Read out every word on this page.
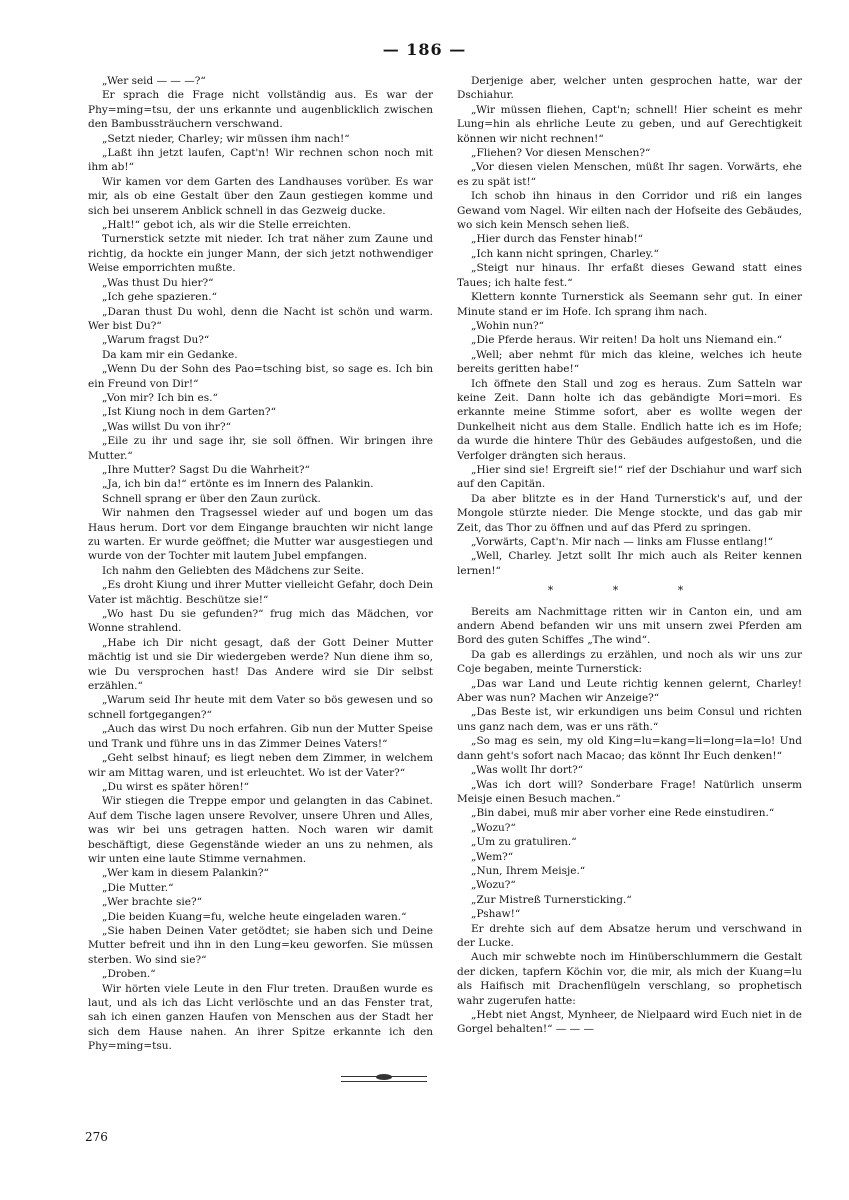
— 186 —

„Wer seid — — —?“

Er sprach die Frage nicht vollständig aus. Es war der Phy=ming=tsu, der uns erkannte und augenblicklich zwischen den Bambussträuchern verschwand.

„Setzt nieder, Charley; wir müssen ihm nach!“

„Laßt ihn jetzt laufen, Capt'n! Wir rechnen schon noch mit ihm ab!“

Wir kamen vor dem Garten des Landhauses vorüber. Es war mir, als ob eine Gestalt über den Zaun gestiegen komme und sich bei unserem Anblick schnell in das Gezweig ducke.

„Halt!“ gebot ich, als wir die Stelle erreichten.

Turnerstick setzte mit nieder. Ich trat näher zum Zaune und richtig, da hockte ein junger Mann, der sich jetzt nothwendiger Weise emporrichten mußte.

„Was thust Du hier?“

„Ich gehe spazieren.“

„Daran thust Du wohl, denn die Nacht ist schön und warm. Wer bist Du?“

„Warum fragst Du?“

Da kam mir ein Gedanke.

„Wenn Du der Sohn des Pao=tsching bist, so sage es. Ich bin ein Freund von Dir!“

„Von mir? Ich bin es.“

„Ist Kiung noch in dem Garten?“

„Was willst Du von ihr?“

„Eile zu ihr und sage ihr, sie soll öffnen. Wir bringen ihre Mutter.“

„Ihre Mutter? Sagst Du die Wahrheit?“

„Ja, ich bin da!“ ertönte es im Innern des Palankin.

Schnell sprang er über den Zaun zurück.

Wir nahmen den Tragsessel wieder auf und bogen um das Haus herum. Dort vor dem Eingange brauchten wir nicht lange zu warten. Er wurde geöffnet; die Mutter war ausgestiegen und wurde von der Tochter mit lautem Jubel empfangen.

Ich nahm den Geliebten des Mädchens zur Seite.

„Es droht Kiung und ihrer Mutter vielleicht Gefahr, doch Dein Vater ist mächtig. Beschütze sie!“

„Wo hast Du sie gefunden?“ frug mich das Mädchen, vor Wonne strahlend.

„Habe ich Dir nicht gesagt, daß der Gott Deiner Mutter mächtig ist und sie Dir wiedergeben werde? Nun diene ihm so, wie Du versprochen hast! Das Andere wird sie Dir selbst erzählen.“

„Warum seid Ihr heute mit dem Vater so bös gewesen und so schnell fortgegangen?“

„Auch das wirst Du noch erfahren. Gib nun der Mutter Speise und Trank und führe uns in das Zimmer Deines Vaters!“

„Geht selbst hinauf; es liegt neben dem Zimmer, in welchem wir am Mittag waren, und ist erleuchtet. Wo ist der Vater?“

„Du wirst es später hören!“

Wir stiegen die Treppe empor und gelangten in das Cabinet. Auf dem Tische lagen unsere Revolver, unsere Uhren und Alles, was wir bei uns getragen hatten. Noch waren wir damit beschäftigt, diese Gegenstände wieder an uns zu nehmen, als wir unten eine laute Stimme vernahmen.

„Wer kam in diesem Palankin?“

„Die Mutter.“

„Wer brachte sie?“

„Die beiden Kuang=fu, welche heute eingeladen waren.“

„Sie haben Deinen Vater getödtet; sie haben sich und Deine Mutter befreit und ihn in den Lung=keu geworfen. Sie müssen sterben. Wo sind sie?“

„Droben.“

Wir hörten viele Leute in den Flur treten. Draußen wurde es laut, und als ich das Licht verlöschte und an das Fenster trat, sah ich einen ganzen Haufen von Menschen aus der Stadt her sich dem Hause nahen. An ihrer Spitze erkannte ich den Phy=ming=tsu.

Derjenige aber, welcher unten gesprochen hatte, war der Dschiahur.

„Wir müssen fliehen, Capt'n; schnell! Hier scheint es mehr Lung=hin als ehrliche Leute zu geben, und auf Gerechtigkeit können wir nicht rechnen!“

„Fliehen? Vor diesen Menschen?“

„Vor diesen vielen Menschen, müßt Ihr sagen. Vorwärts, ehe es zu spät ist!“

Ich schob ihn hinaus in den Corridor und riß ein langes Gewand vom Nagel. Wir eilten nach der Hofseite des Gebäudes, wo sich kein Mensch sehen ließ.

„Hier durch das Fenster hinab!“

„Ich kann nicht springen, Charley.“

„Steigt nur hinaus. Ihr erfaßt dieses Gewand statt eines Taues; ich halte fest.“

Klettern konnte Turnerstick als Seemann sehr gut. In einer Minute stand er im Hofe. Ich sprang ihm nach.

„Wohin nun?“

„Die Pferde heraus. Wir reiten! Da holt uns Niemand ein.“

„Well; aber nehmt für mich das kleine, welches ich heute bereits geritten habe!“

Ich öffnete den Stall und zog es heraus. Zum Satteln war keine Zeit. Dann holte ich das gebändigte Mori=mori. Es erkannte meine Stimme sofort, aber es wollte wegen der Dunkelheit nicht aus dem Stalle. Endlich hatte ich es im Hofe; da wurde die hintere Thür des Gebäudes aufgestoßen, und die Verfolger drängten sich heraus.

„Hier sind sie! Ergreift sie!“ rief der Dschiahur und warf sich auf den Capitän.

Da aber blitzte es in der Hand Turnerstick's auf, und der Mongole stürzte nieder. Die Menge stockte, und das gab mir Zeit, das Thor zu öffnen und auf das Pferd zu springen.

„Vorwärts, Capt'n. Mir nach — links am Flusse entlang!“

„Well, Charley. Jetzt sollt Ihr mich auch als Reiter kennen lernen!“

* * *

Bereits am Nachmittage ritten wir in Canton ein, und am andern Abend befanden wir uns mit unsern zwei Pferden am Bord des guten Schiffes „The wind“.

Da gab es allerdings zu erzählen, und noch als wir uns zur Coje begaben, meinte Turnerstick:

„Das war Land und Leute richtig kennen gelernt, Charley! Aber was nun? Machen wir Anzeige?“

„Das Beste ist, wir erkundigen uns beim Consul und richten uns ganz nach dem, was er uns räth.“

„So mag es sein, my old King=lu=kang=li=long=la=lo! Und dann geht's sofort nach Macao; das könnt Ihr Euch denken!“

„Was wollt Ihr dort?“

„Was ich dort will? Sonderbare Frage! Natürlich unserm Meisje einen Besuch machen.“

„Bin dabei, muß mir aber vorher eine Rede einstudiren.“

„Wozu?“

„Um zu gratuliren.“

„Wem?“

„Nun, Ihrem Meisje.“

„Wozu?“

„Zur Mistreß Turnersticking.“

„Pshaw!“

Er drehte sich auf dem Absatze herum und verschwand in der Lucke.

Auch mir schwebte noch im Hinüberschlummern die Gestalt der dicken, tapfern Köchin vor, die mir, als mich der Kuang=lu als Haifisch mit Drachenflügeln verschlang, so prophetisch wahr zugerufen hatte:

„Hebt niet Angst, Mynheer, de Nielpaard wird Euch niet in de Gorgel behalten!“ — — —

276
